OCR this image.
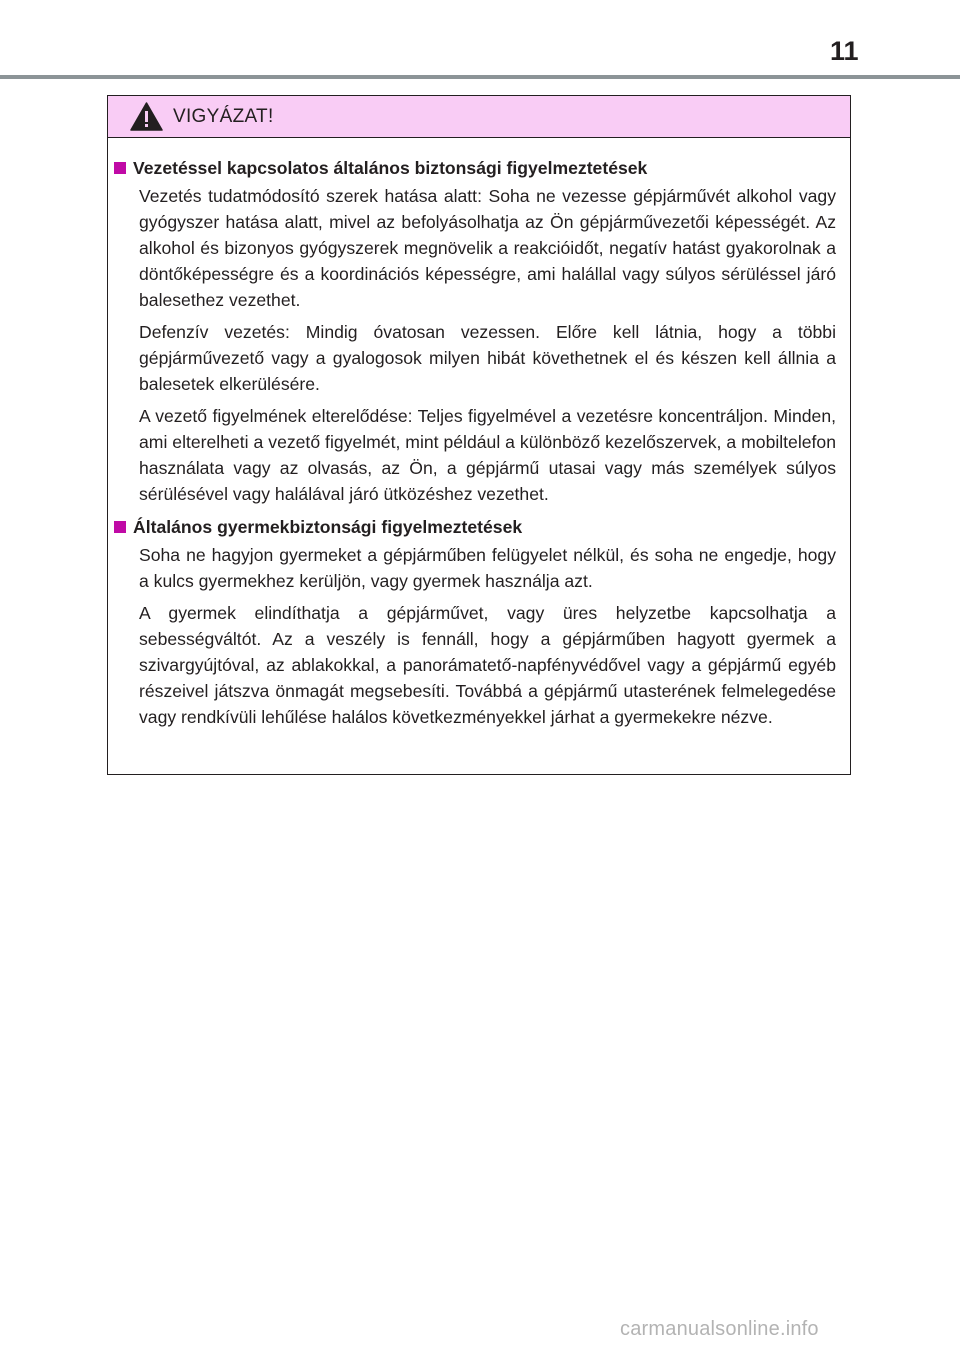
11
VIGYÁZAT!
Vezetéssel kapcsolatos általános biztonsági figyelmeztetések

Vezetés tudatmódosító szerek hatása alatt: Soha ne vezesse gépjárművét alkohol vagy gyógyszer hatása alatt, mivel az befolyásolhatja az Ön gépjárművezetői képességét. Az alkohol és bizonyos gyógyszerek megnövelik a reakcióidőt, negatív hatást gyakorolnak a döntőképességre és a koordinációs képességre, ami halállal vagy súlyos sérüléssel járó balesethez vezethet.

Defenzív vezetés: Mindig óvatosan vezessen. Előre kell látnia, hogy a többi gépjárművezető vagy a gyalogosok milyen hibát követhetnek el és készen kell állnia a balesetek elkerülésére.

A vezető figyelmének elterelődése: Teljes figyelmével a vezetésre koncentráljon. Minden, ami elterelheti a vezető figyelmét, mint például a különböző kezelőszervek, a mobiltelefon használata vagy az olvasás, az Ön, a gépjármű utasai vagy más személyek súlyos sérülésével vagy halálával járó ütközéshez vezethet.

Általános gyermekbiztonsági figyelmeztetések

Soha ne hagyjon gyermeket a gépjárműben felügyelet nélkül, és soha ne engedje, hogy a kulcs gyermekhez kerüljön, vagy gyermek használja azt.

A gyermek elindíthatja a gépjárművet, vagy üres helyzetbe kapcsolhatja a sebességváltót. Az a veszély is fennáll, hogy a gépjárműben hagyott gyermek a szivargyújtóval, az ablakokkal, a panorámatető-napfényvédővel vagy a gépjármű egyéb részeivel játszva önmagát megsebesíti. Továbbá a gépjármű utasterének felmelegedése vagy rendkívüli lehűlése halálos következményekkel járhat a gyermekekre nézve.

carmanualsonline.info
